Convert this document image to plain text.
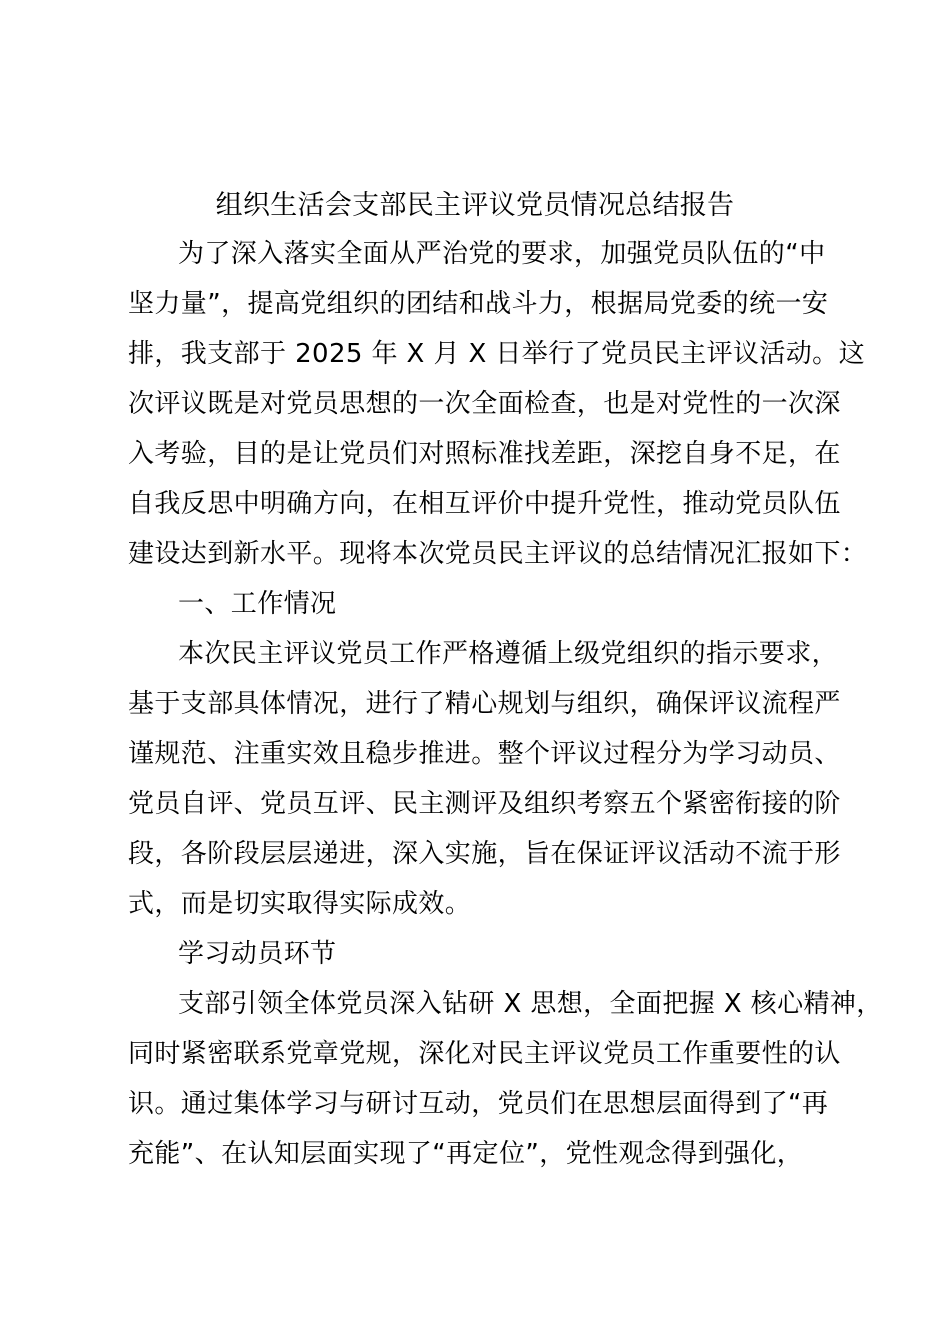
组织生活会支部民主评议党员情况总结报告
为了深入落实全面从严治党的要求，加强党员队伍的“中
坚力量”，提高党组织的团结和战斗力，根据局党委的统一安
排，我支部于 2025 年 X 月 X 日举行了党员民主评议活动。这
次评议既是对党员思想的一次全面检查，也是对党性的一次深
入考验，目的是让党员们对照标准找差距，深挖自身不足，在
自我反思中明确方向，在相互评价中提升党性，推动党员队伍
建设达到新水平。现将本次党员民主评议的总结情况汇报如下：
一、工作情况
本次民主评议党员工作严格遵循上级党组织的指示要求，
基于支部具体情况，进行了精心规划与组织，确保评议流程严
谨规范、注重实效且稳步推进。整个评议过程分为学习动员、
党员自评、党员互评、民主测评及组织考察五个紧密衔接的阶
段，各阶段层层递进，深入实施，旨在保证评议活动不流于形
式，而是切实取得实际成效。
学习动员环节
支部引领全体党员深入钻研 X 思想，全面把握 X 核心精神，
同时紧密联系党章党规，深化对民主评议党员工作重要性的认
识。通过集体学习与研讨互动，党员们在思想层面得到了“再
充能”、在认知层面实现了“再定位”，党性观念得到强化，
